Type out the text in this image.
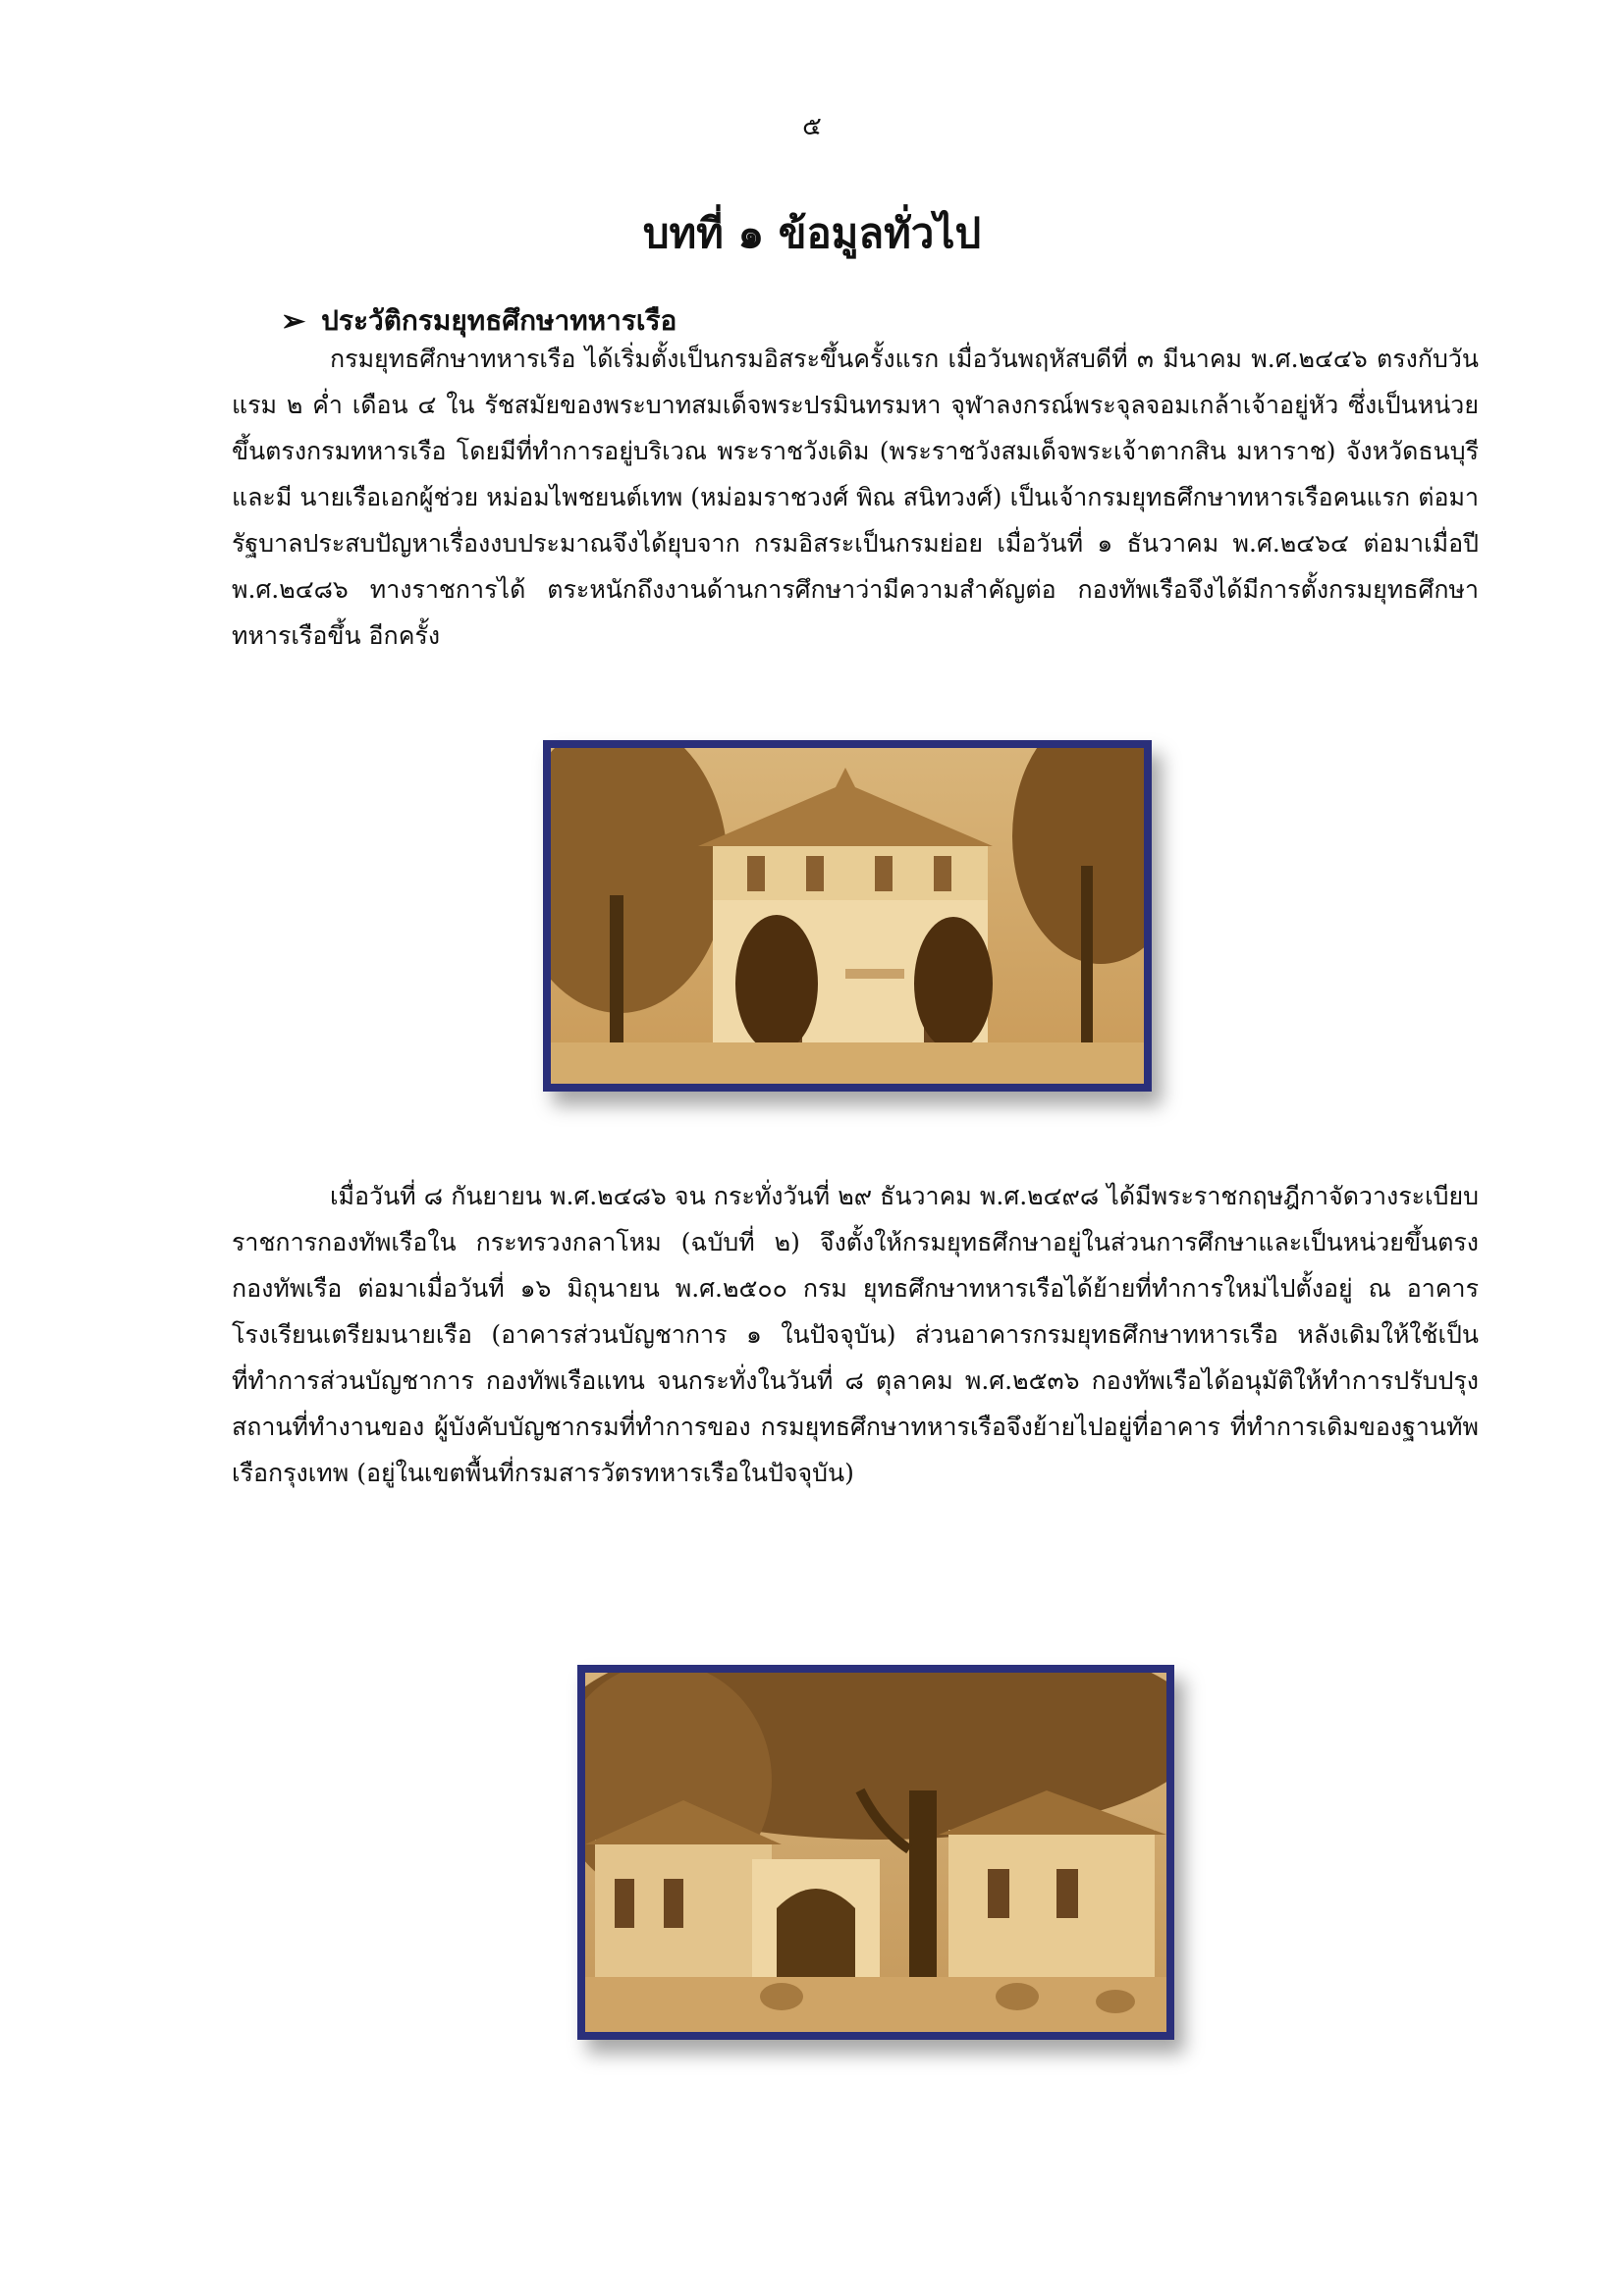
๕
บทที่ ๑ ข้อมูลทั่วไป
➢ ประวัติกรมยุทธศึกษาทหารเรือ

กรมยุทธศึกษาทหารเรือ ได้เริ่มตั้งเป็นกรมอิสระขึ้นครั้งแรก เมื่อวันพฤหัสบดีที่ ๓ มีนาคม พ.ศ.๒๔๔๖ ตรงกับวันแรม ๒ ค่ำ เดือน ๔ ใน รัชสมัยของพระบาทสมเด็จพระปรมินทรมหา จุฬาลงกรณ์พระจุลจอมเกล้าเจ้าอยู่หัว ซึ่งเป็นหน่วยขึ้นตรงกรมทหารเรือ โดยมีที่ทำการอยู่บริเวณ พระราชวังเดิม (พระราชวังสมเด็จพระเจ้าตากสิน มหาราช) จังหวัดธนบุรี และมี นายเรือเอกผู้ช่วย หม่อมไพชยนต์เทพ (หม่อมราชวงศ์ พิณ สนิทวงศ์) เป็นเจ้ากรมยุทธศึกษาทหารเรือคนแรก ต่อมา รัฐบาลประสบปัญหาเรื่องงบประมาณจึงได้ยุบจาก กรมอิสระเป็นกรมย่อย เมื่อวันที่ ๑ ธันวาคม พ.ศ.๒๔๖๔ ต่อมาเมื่อปี พ.ศ.๒๔๘๖ ทางราชการได้ ตระหนักถึงงานด้านการศึกษาว่ามีความสำคัญต่อ กองทัพเรือจึงได้มีการตั้งกรมยุทธศึกษาทหารเรือขึ้น อีกครั้ง

เมื่อวันที่ ๘ กันยายน พ.ศ.๒๔๘๖ จน กระทั่งวันที่ ๒๙ ธันวาคม พ.ศ.๒๔๙๘ ได้มีพระราชกฤษฎีกาจัดวางระเบียบราชการกองทัพเรือใน กระทรวงกลาโหม (ฉบับที่ ๒) จึงตั้งให้กรมยุทธศึกษาอยู่ในส่วนการศึกษาและเป็นหน่วยขึ้นตรง กองทัพเรือ ต่อมาเมื่อวันที่ ๑๖ มิถุนายน พ.ศ.๒๕๐๐ กรม ยุทธศึกษาทหารเรือได้ย้ายที่ทำการใหม่ไปตั้งอยู่ ณ อาคารโรงเรียนเตรียมนายเรือ (อาคารส่วนบัญชาการ ๑ ในปัจจุบัน) ส่วนอาคารกรมยุทธศึกษาทหารเรือ หลังเดิมให้ใช้เป็นที่ทำการส่วนบัญชาการ กองทัพเรือแทน จนกระทั่งในวันที่ ๘ ตุลาคม พ.ศ.๒๕๓๖ กองทัพเรือได้อนุมัติให้ทำการปรับปรุง สถานที่ทำงานของ ผู้บังคับบัญชากรมที่ทำการของ กรมยุทธศึกษาทหารเรือจึงย้ายไปอยู่ที่อาคาร ที่ทำการเดิมของฐานทัพเรือกรุงเทพ (อยู่ในเขตพื้นที่กรมสารวัตรทหารเรือในปัจจุบัน)
